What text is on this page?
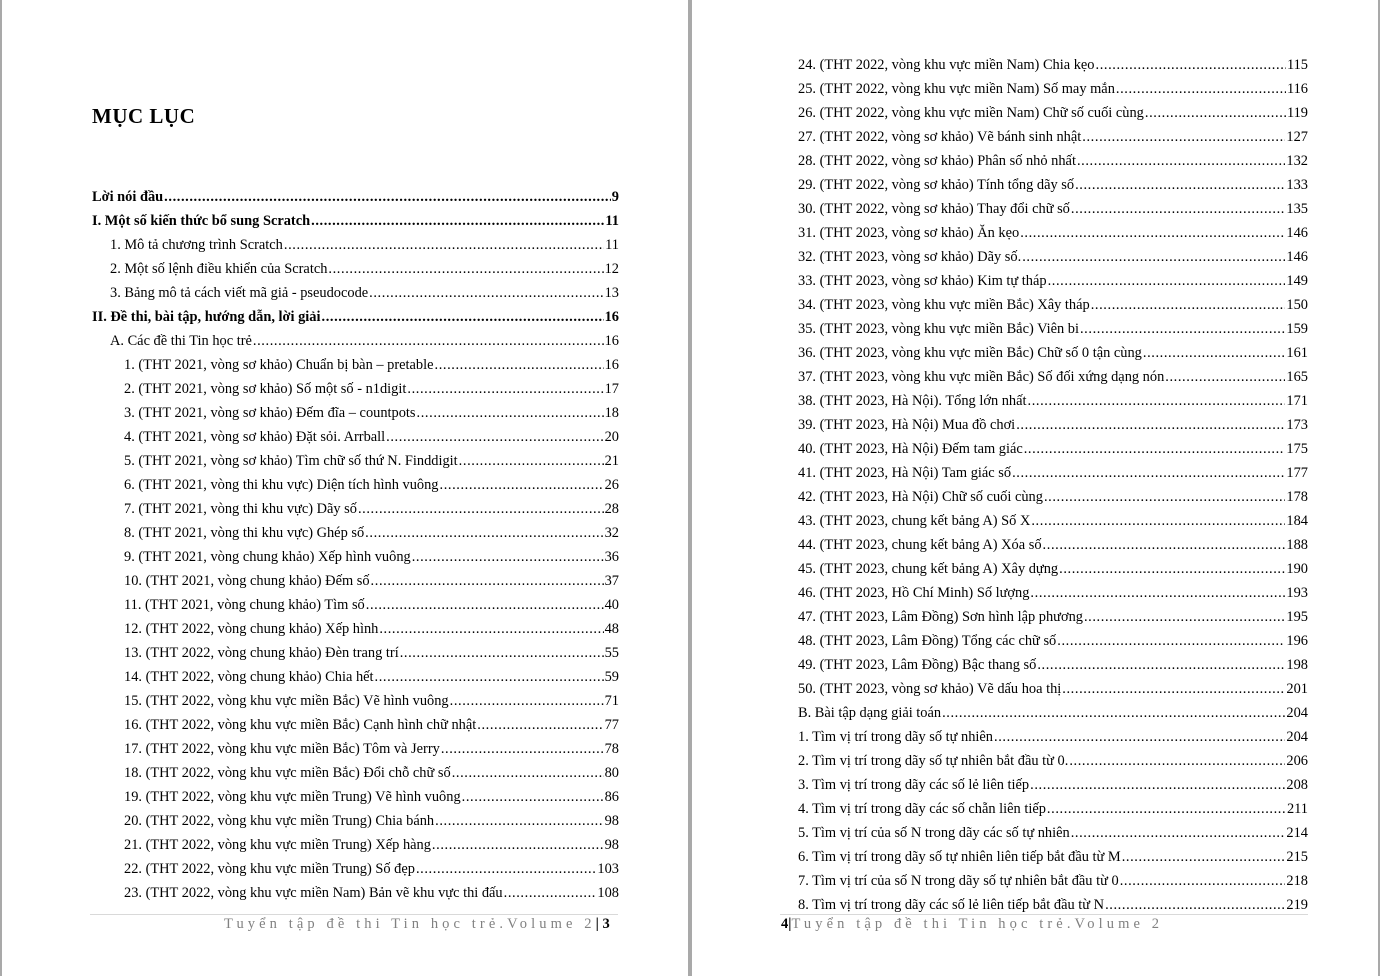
MỤC LỤC
Lời nói đầu .....	9
I. Một số kiến thức bổ sung Scratch .....	11
1. Mô tả chương trình Scratch .....	11
2. Một số lệnh điều khiển của Scratch .....	12
3. Bảng mô tả cách viết mã giả - pseudocode .....	13
II. Đề thi, bài tập, hướng dẫn, lời giải .....	16
A. Các đề thi Tin học trẻ .....	16
1. (THT 2021, vòng sơ khảo) Chuẩn bị bàn – pretable .....	16
2. (THT 2021, vòng sơ khảo) Số một số - n1digit .....	17
3. (THT 2021, vòng sơ khảo) Đếm đĩa – countpots .....	18
4. (THT 2021, vòng sơ khảo) Đặt sỏi. Arrball .....	20
5. (THT 2021, vòng sơ khảo) Tìm chữ số thứ N. Finddigit .....	21
6. (THT 2021, vòng thi khu vực) Diện tích hình vuông .....	26
7. (THT 2021, vòng thi khu vực) Dãy số .....	28
8. (THT 2021, vòng thi khu vực) Ghép số .....	32
9. (THT 2021, vòng chung khảo) Xếp hình vuông .....	36
10. (THT 2021, vòng chung khảo) Đếm số .....	37
11. (THT 2021, vòng chung khảo) Tìm số .....	40
12. (THT 2022, vòng chung khảo) Xếp hình .....	48
13. (THT 2022, vòng chung khảo) Đèn trang trí .....	55
14. (THT 2022, vòng chung khảo) Chia hết .....	59
15. (THT 2022, vòng khu vực miền Bắc) Vẽ hình vuông .....	71
16. (THT 2022, vòng khu vực miền Bắc) Cạnh hình chữ nhật .....	77
17. (THT 2022, vòng khu vực miền Bắc) Tôm và Jerry .....	78
18. (THT 2022, vòng khu vực miền Bắc) Đổi chỗ chữ số .....	80
19. (THT 2022, vòng khu vực miền Trung) Vẽ hình vuông .....	86
20. (THT 2022, vòng khu vực miền Trung) Chia bánh .....	98
21. (THT 2022, vòng khu vực miền Trung) Xếp hàng .....	98
22. (THT 2022, vòng khu vực miền Trung) Số đẹp .....	103
23. (THT 2022, vòng khu vực miền Nam) Bản vẽ khu vực thi đấu .....	108
Tuyển tập đề thi Tin học trẻ.Volume 2| 3
24. (THT 2022, vòng khu vực miền Nam) Chia kẹo .....	115
25. (THT 2022, vòng khu vực miền Nam) Số may mắn .....	116
26. (THT 2022, vòng khu vực miền Nam) Chữ số cuối cùng .....	119
27. (THT 2022, vòng sơ khảo) Vẽ bánh sinh nhật .....	127
28. (THT 2022, vòng sơ khảo) Phân số nhỏ nhất .....	132
29. (THT 2022, vòng sơ khảo) Tính tổng dãy số .....	133
30. (THT 2022, vòng sơ khảo) Thay đổi chữ số .....	135
31. (THT 2023, vòng sơ khảo) Ăn kẹo .....	146
32. (THT 2023, vòng sơ khảo) Dãy số. .....	146
33. (THT 2023, vòng sơ khảo) Kim tự tháp .....	149
34. (THT 2023, vòng khu vực miền Bắc) Xây tháp .....	150
35. (THT 2023, vòng khu vực miền Bắc) Viên bi .....	159
36. (THT 2023, vòng khu vực miền Bắc) Chữ số 0 tận cùng .....	161
37. (THT 2023, vòng khu vực miền Bắc) Số đối xứng dạng nón .....	165
38. (THT 2023, Hà Nội). Tổng lớn nhất .....	171
39. (THT 2023, Hà Nội) Mua đồ chơi .....	173
40. (THT 2023, Hà Nội) Đếm tam giác .....	175
41. (THT 2023, Hà Nội) Tam giác số .....	177
42. (THT 2023, Hà Nội) Chữ số cuối cùng .....	178
43. (THT 2023, chung kết bảng A) Số X .....	184
44. (THT 2023, chung kết bảng A) Xóa số .....	188
45. (THT 2023, chung kết bảng A) Xây dựng .....	190
46. (THT 2023, Hồ Chí Minh) Số lượng .....	193
47. (THT 2023, Lâm Đồng) Sơn hình lập phương .....	195
48. (THT 2023, Lâm Đồng) Tổng các chữ số .....	196
49. (THT 2023, Lâm Đồng) Bậc thang số .....	198
50. (THT 2023, vòng sơ khảo) Vẽ dấu hoa thị .....	201
B. Bài tập dạng giải toán .....	204
1. Tìm vị trí trong dãy số tự nhiên .....	204
2. Tìm vị trí trong dãy số tự nhiên bắt đầu từ 0. .....	206
3. Tìm vị trí trong dãy các số lẻ liên tiếp .....	208
4. Tìm vị trí trong dãy các số chẵn liên tiếp .....	211
5. Tìm vị trí của số N trong dãy các số tự nhiên .....	214
6. Tìm vị trí trong dãy số tự nhiên liên tiếp bắt đầu từ M .....	215
7. Tìm vị trí của số N trong dãy số tự nhiên bắt đầu từ 0 .....	218
8. Tìm vị trí trong dãy các số lẻ liên tiếp bắt đầu từ N .....	219
4|Tuyển tập đề thi Tin học trẻ.Volume 2
